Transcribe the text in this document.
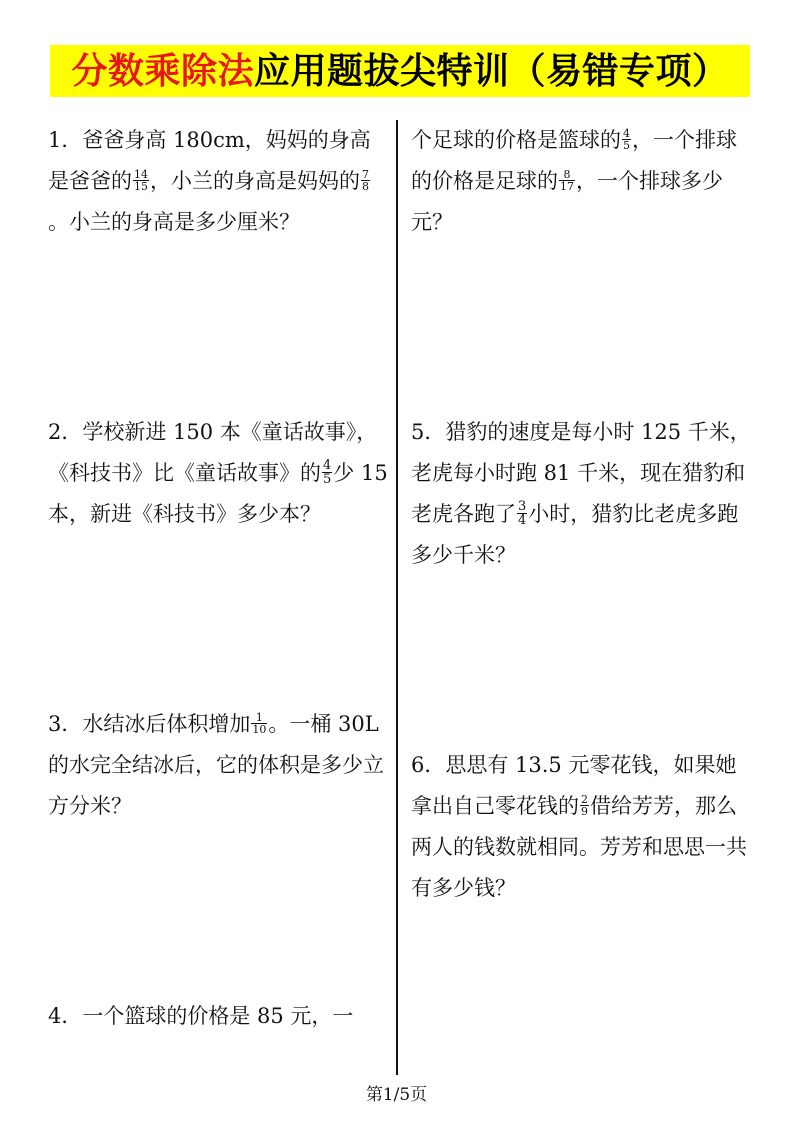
分数乘除法应用题拔尖特训（易错专项）

1．爸爸身高 180cm，妈妈的身高是爸爸的 $\frac{14}{15}$ ，小兰的身高是妈妈的 $\frac{7}{8}$
。小兰的身高是多少厘米？

2．学校新进 150 本《童话故事》，《科技书》比《童话故事》的 $\frac{4}{5}$ 少 15 本，新进《科技书》多少本？

3．水结冰后体积增加 $\frac{1}{10}$ 。一桶 30L 的水完全结冰后，它的体积是多少立方分米？

4．一个篮球的价格是 85 元，一

个足球的价格是篮球的 $\frac{4}{5}$ ，一个排球的价格是足球的 $\frac{8}{17}$ ，一个排球多少元？

5．猎豹的速度是每小时 125 千米，老虎每小时跑 81 千米，现在猎豹和老虎各跑了 $\frac{3}{4}$ 小时，猎豹比老虎多跑多少千米？

6．思思有 13.5 元零花钱，如果她拿出自己零花钱的 $\frac{2}{9}$ 借给芳芳，那么两人的钱数就相同。芳芳和思思一共有多少钱？

第1/5页
